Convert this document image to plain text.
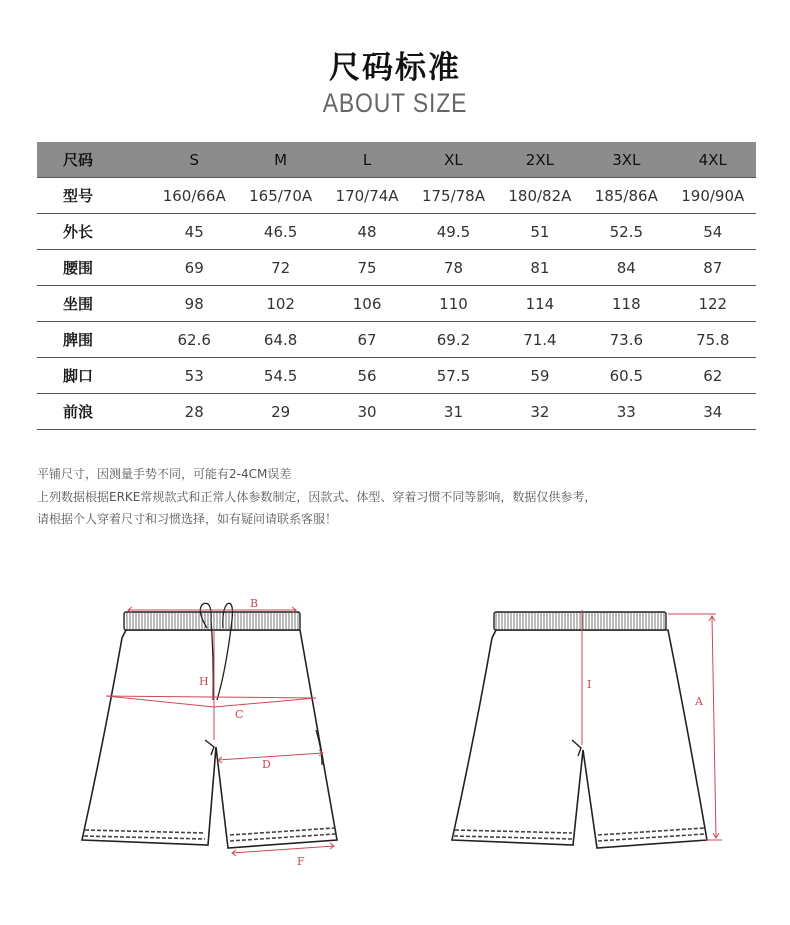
尺码标准
ABOUT SIZE
尺码	S	M	L	XL	2XL	3XL	4XL
型号	160/66A	165/70A	170/74A	175/78A	180/82A	185/86A	190/90A
外长	45	46.5	48	49.5	51	52.5	54
腰围	69	72	75	78	81	84	87
坐围	98	102	106	110	114	118	122
脾围	62.6	64.8	67	69.2	71.4	73.6	75.8
脚口	53	54.5	56	57.5	59	60.5	62
前浪	28	29	30	31	32	33	34
平铺尺寸，因测量手势不同，可能有2-4CM误差
上列数据根据ERKE常规款式和正常人体参数制定，因款式、体型、穿着习惯不同等影响，数据仅供参考，
请根据个人穿着尺寸和习惯选择，如有疑问请联系客服！
B
H
C
D
F
I
A
